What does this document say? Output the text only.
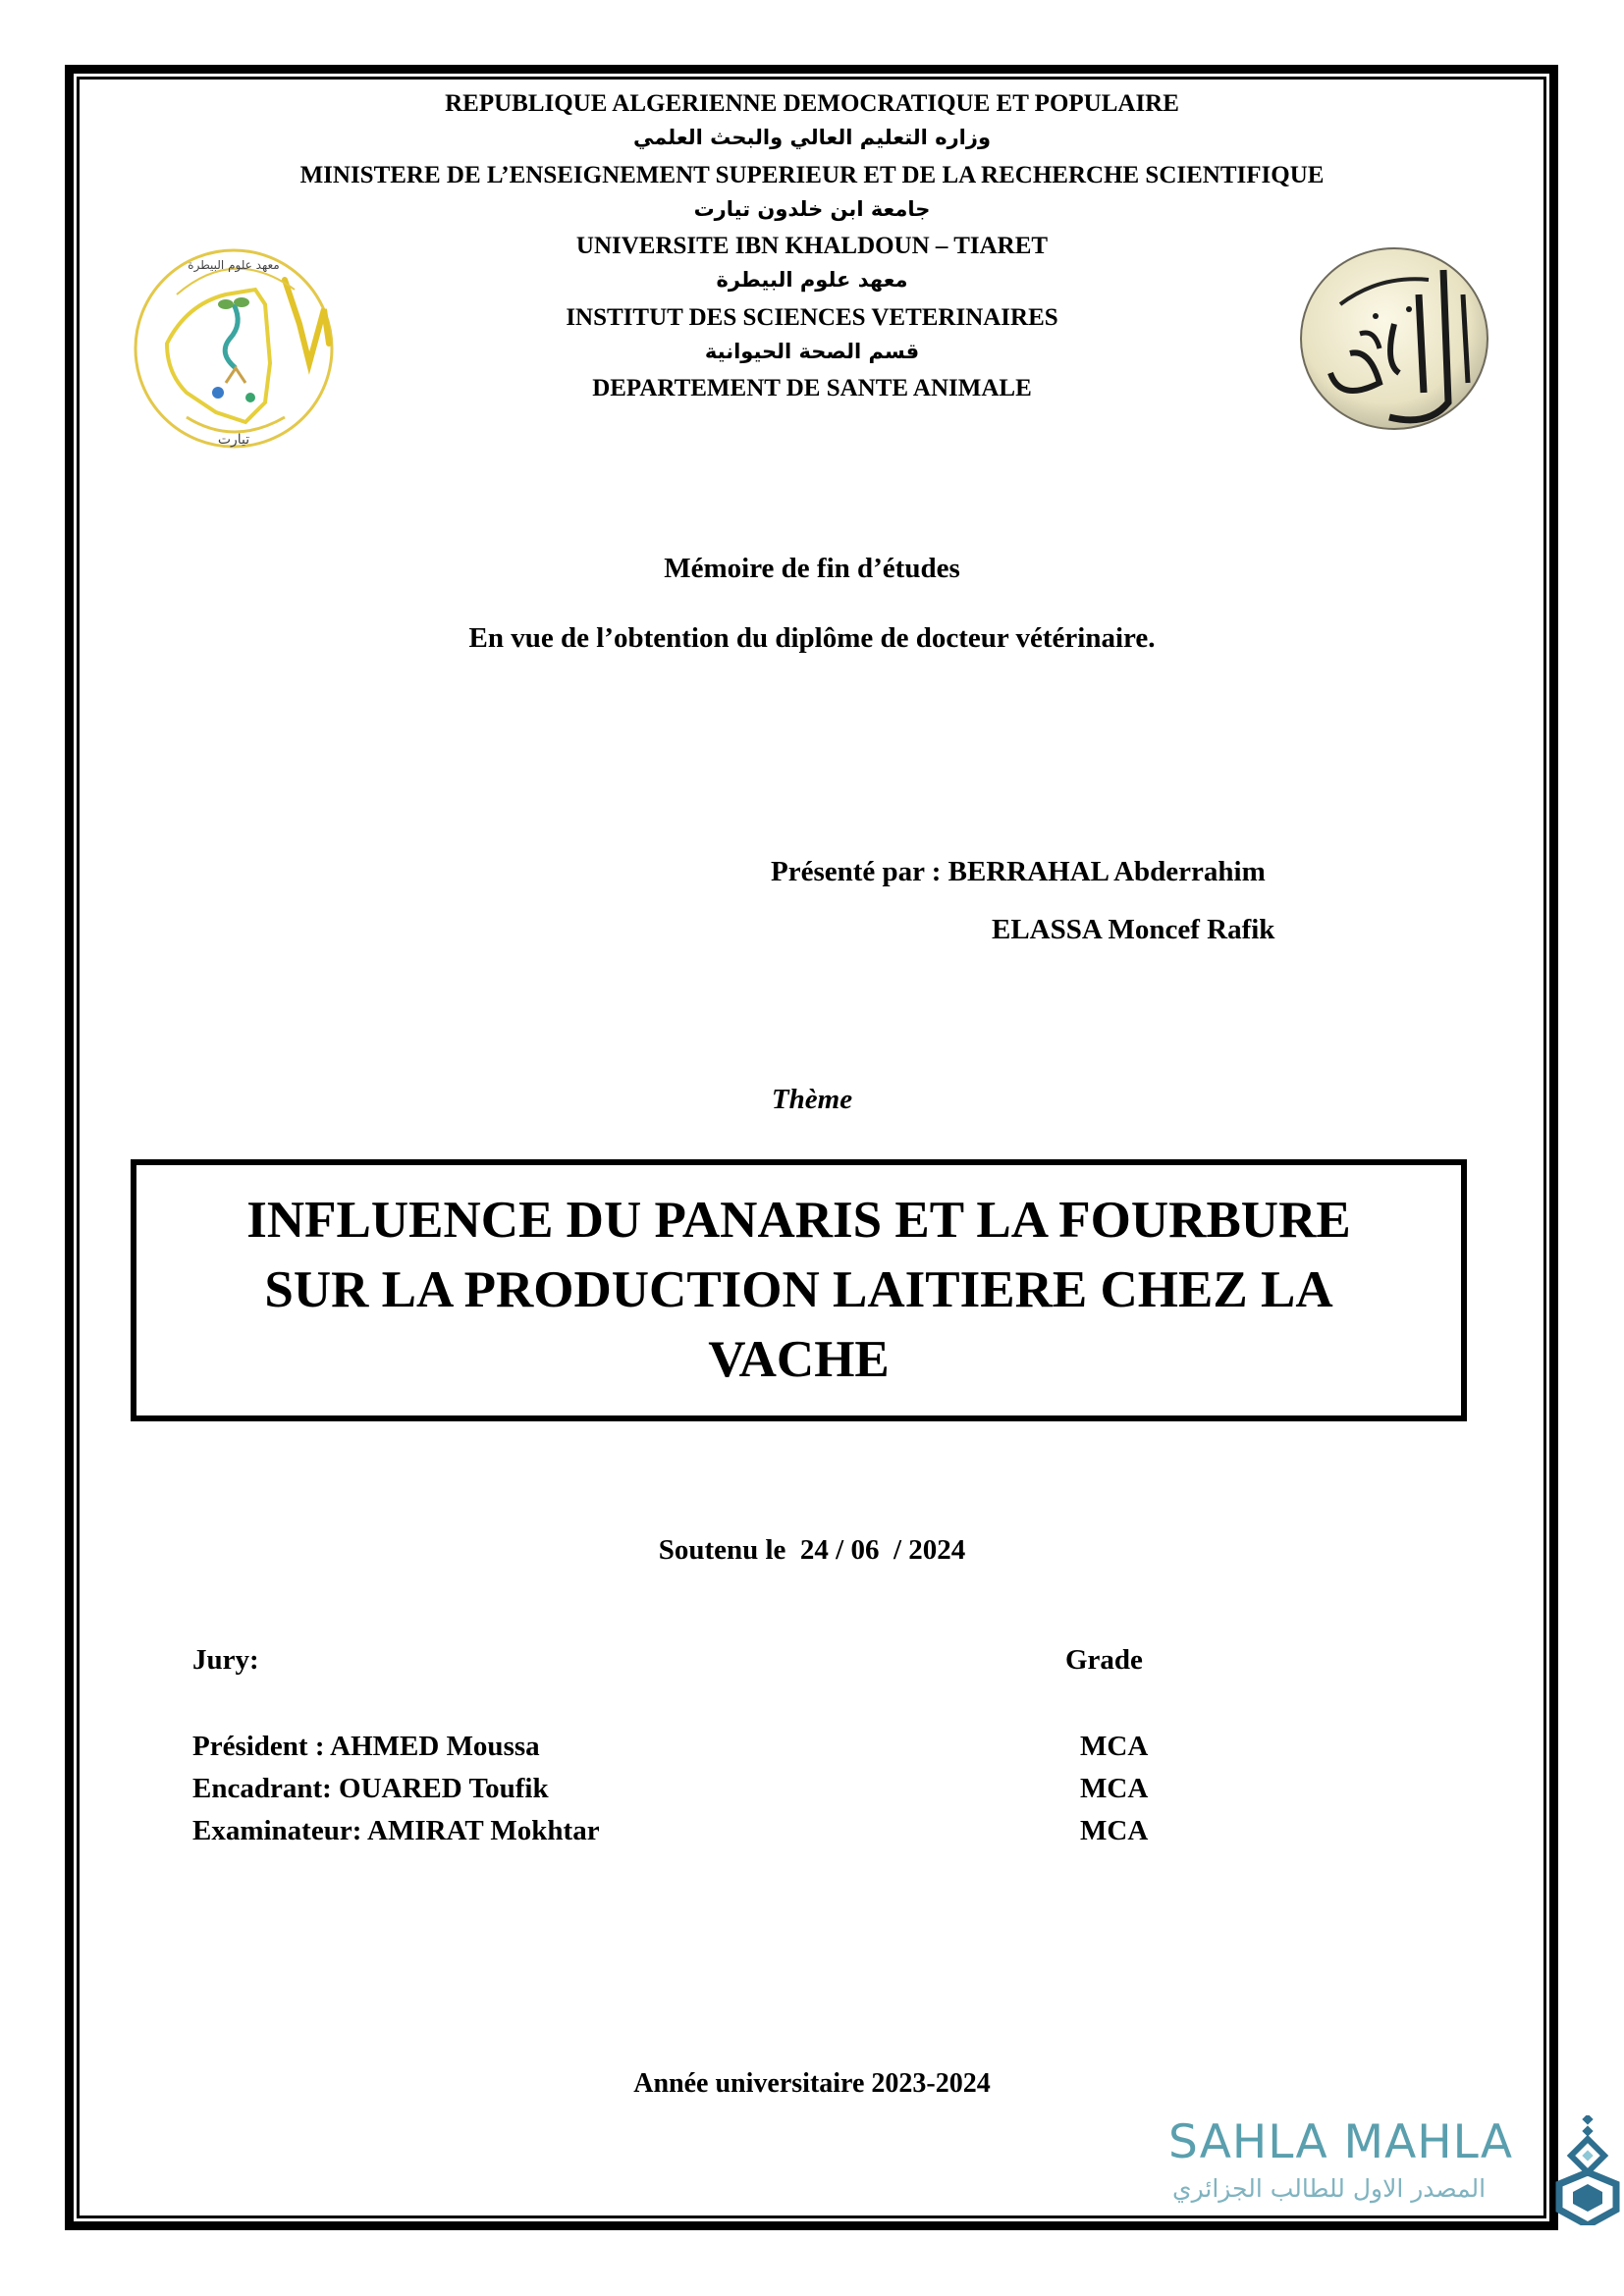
REPUBLIQUE ALGERIENNE DEMOCRATIQUE ET POPULAIRE
وزاره التعليم العالي والبحث العلمي
MINISTERE DE L’ENSEIGNEMENT SUPERIEUR ET DE LA RECHERCHE SCIENTIFIQUE
جامعة ابن خلدون تيارت
UNIVERSITE IBN KHALDOUN – TIARET
معهد علوم البيطرة
INSTITUT DES SCIENCES VETERINAIRES
قسم الصحة الحيوانية
DEPARTEMENT DE SANTE ANIMALE
معهد علوم البيطرة
تيارت
Mémoire de fin d’études
En vue de l’obtention du diplôme de docteur vétérinaire.
Présenté par : BERRAHAL Abderrahim
ELASSA Moncef Rafik
Thème
INFLUENCE DU PANARIS ET LA FOURBURE
SUR LA PRODUCTION LAITIERE CHEZ LA
VACHE
Soutenu le 24 / 06  / 2024
Jury:	Grade
Président : AHMED Moussa	MCA
Encadrant: OUARED Toufik	MCA
Examinateur: AMIRAT Mokhtar	MCA
Année universitaire 2023-2024
SAHLA MAHLA
المصدر الاول للطالب الجزائري
